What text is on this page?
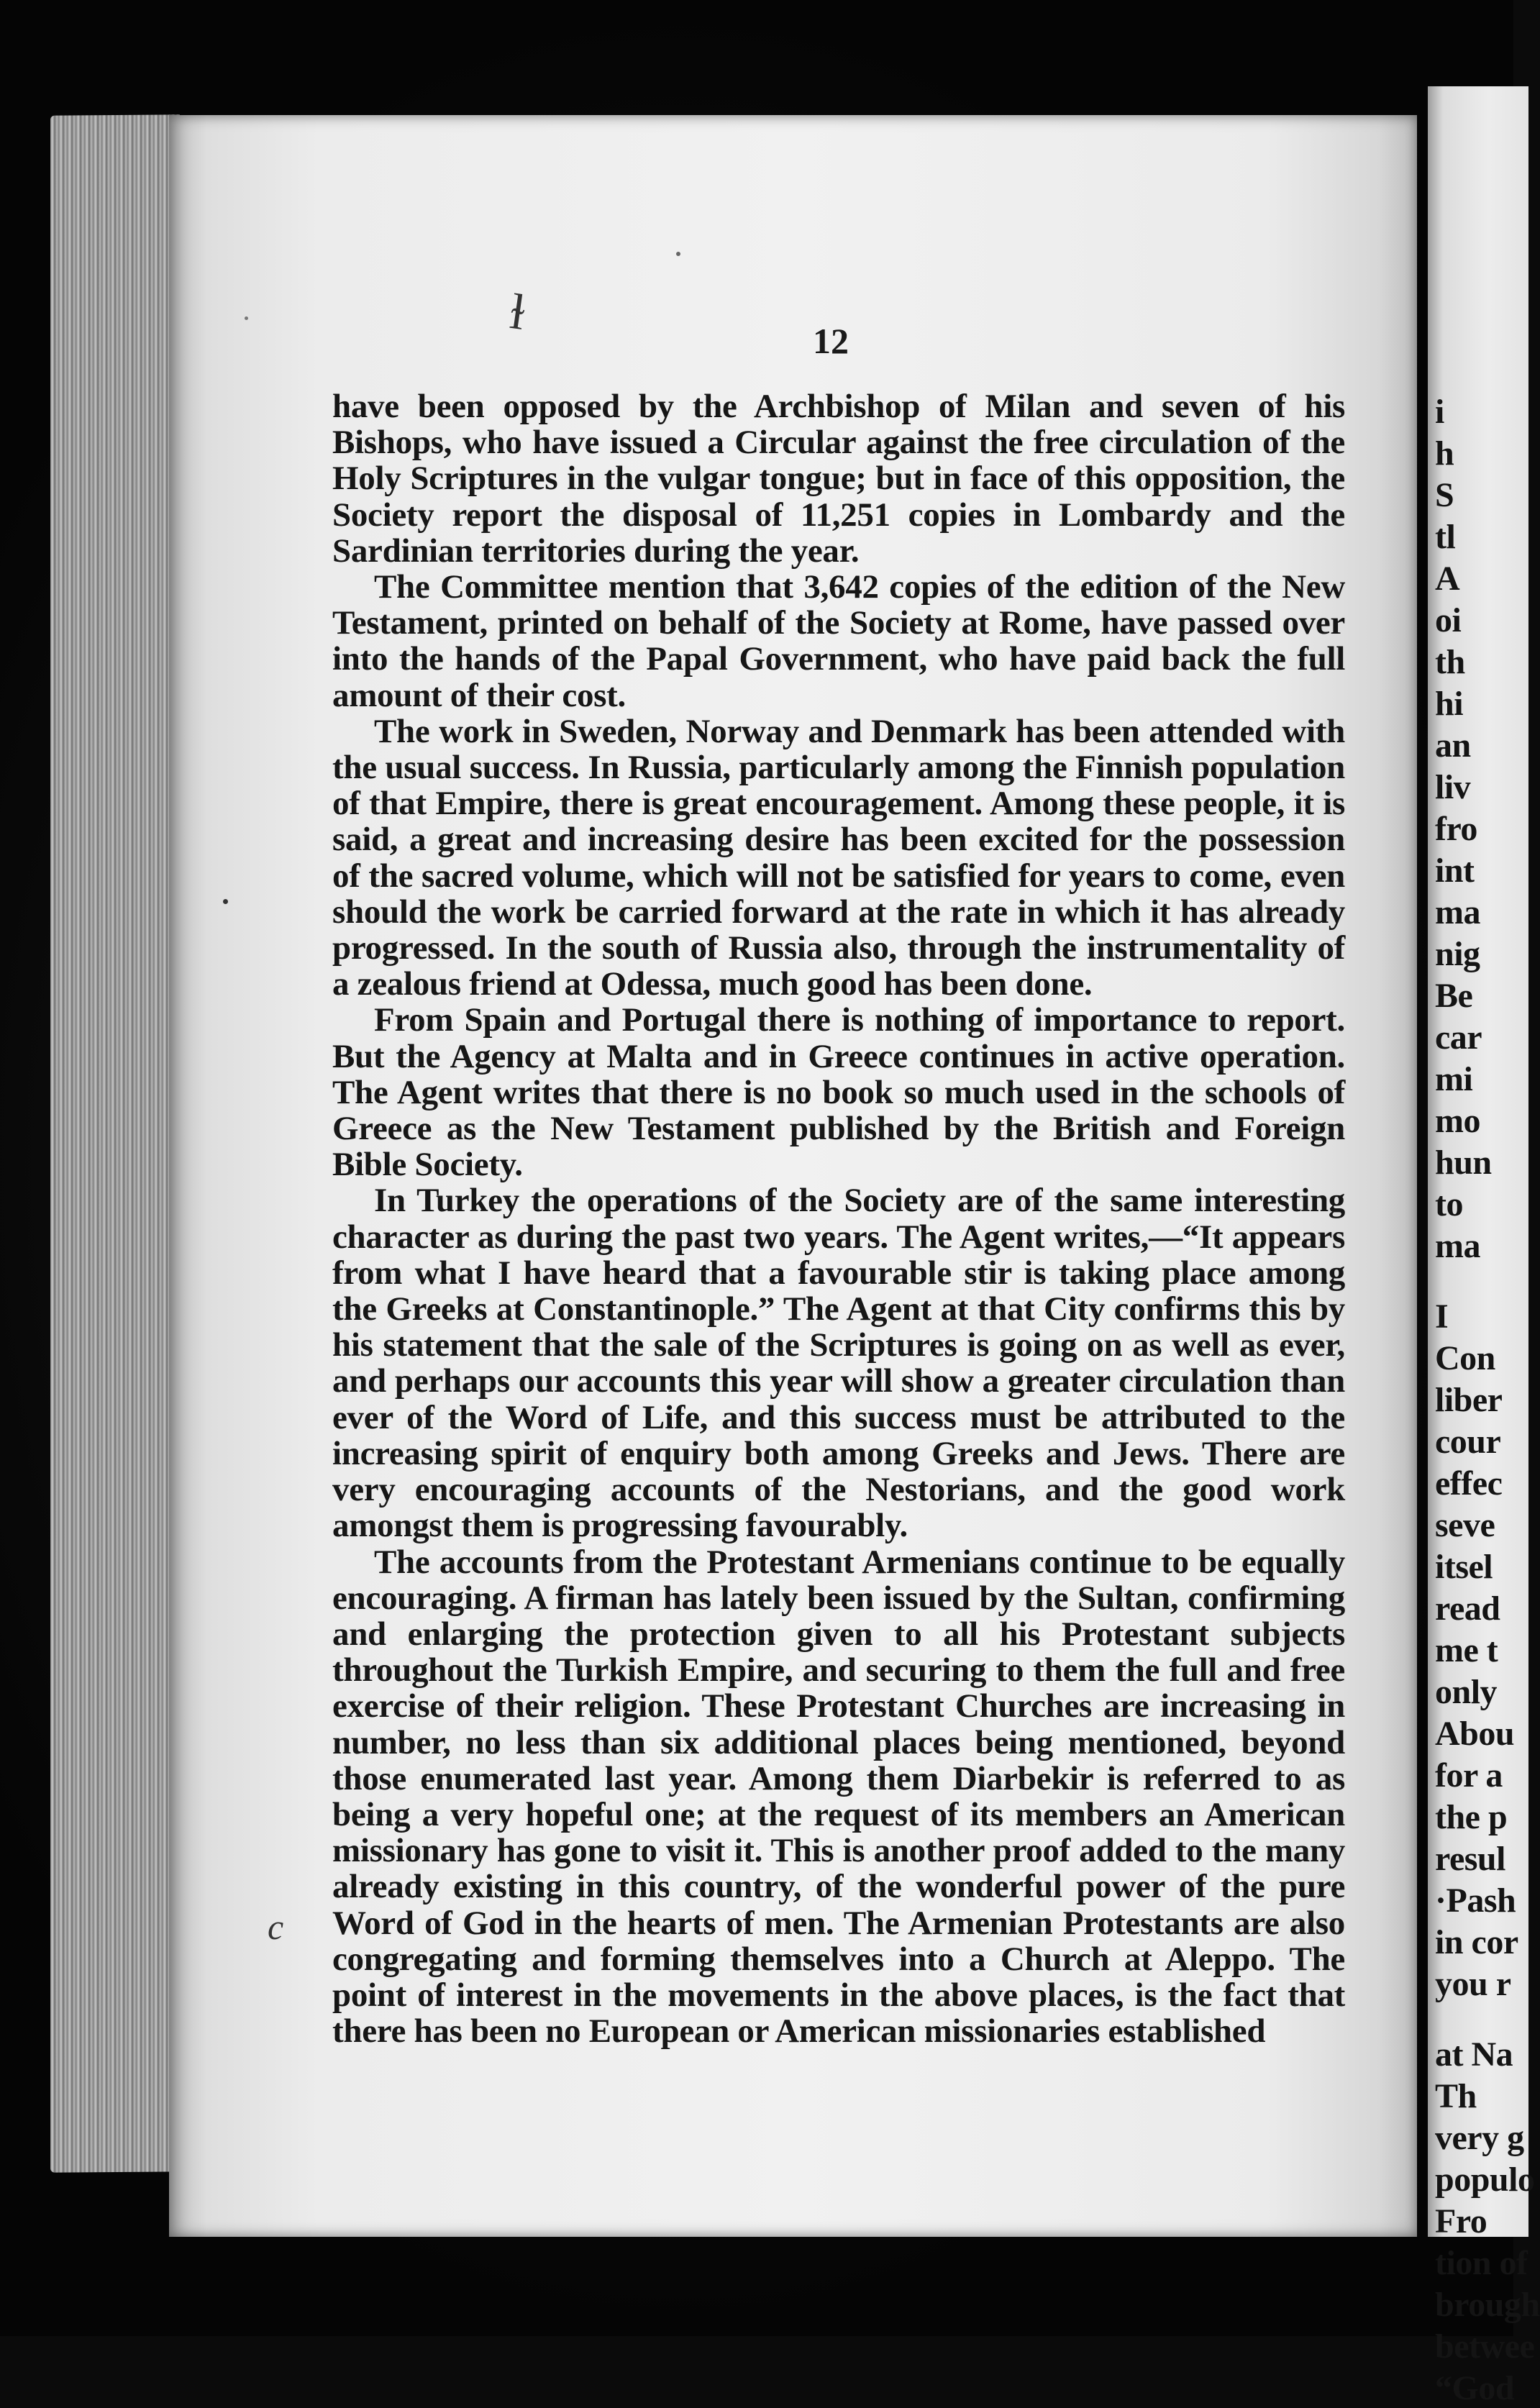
i
h
S
tl
A
oi
th
hi
an
liv
fro
int
ma
nig
Be
car
mi
mo
hun
to
ma
I
Con
liber
cour
effec
seve
itsel
read
me t
only
Abou
for a
the p
resul
·Pash
in cor
you r
at Na
Th
very g
populo
Fro
tion of
brough
betwee
“God
12

have been opposed by the Archbishop of Milan and seven of his Bishops, who have issued a Circular against the free circulation of the Holy Scriptures in the vulgar tongue; but in face of this opposition, the Society report the disposal of 11,251 copies in Lombardy and the Sardinian territories during the year.

The Committee mention that 3,642 copies of the edition of the New Testament, printed on behalf of the Society at Rome, have passed over into the hands of the Papal Government, who have paid back the full amount of their cost.

The work in Sweden, Norway and Denmark has been attended with the usual success. In Russia, particularly among the Finnish population of that Empire, there is great encouragement. Among these people, it is said, a great and increasing desire has been excited for the possession of the sacred volume, which will not be satisfied for years to come, even should the work be carried forward at the rate in which it has already progressed. In the south of Russia also, through the instrumentality of a zealous friend at Odessa, much good has been done.

From Spain and Portugal there is nothing of importance to report. But the Agency at Malta and in Greece continues in active operation. The Agent writes that there is no book so much used in the schools of Greece as the New Testament published by the British and Foreign Bible Society.

In Turkey the operations of the Society are of the same interesting character as during the past two years. The Agent writes,—“It appears from what I have heard that a favourable stir is taking place among the Greeks at Constantinople.” The Agent at that City confirms this by his statement that the sale of the Scriptures is going on as well as ever, and perhaps our accounts this year will show a greater circulation than ever of the Word of Life, and this success must be attributed to the increasing spirit of enquiry both among Greeks and Jews. There are very encouraging accounts of the Nestorians, and the good work amongst them is progressing favourably.

The accounts from the Protestant Armenians continue to be equally encouraging. A firman has lately been issued by the Sultan, confirming and enlarging the protection given to all his Protestant subjects throughout the Turkish Empire, and securing to them the full and free exercise of their religion. These Protestant Churches are increasing in number, no less than six additional places being mentioned, beyond those enumerated last year. Among them Diarbekir is referred to as being a very hopeful one; at the request of its members an American missionary has gone to visit it. This is another proof added to the many already existing in this country, of the wonderful power of the pure Word of God in the hearts of men. The Armenian Protestants are also congregating and forming themselves into a Church at Aleppo. The point of interest in the movements in the above places, is the fact that there has been no European or American missionaries established

ɫ
c
